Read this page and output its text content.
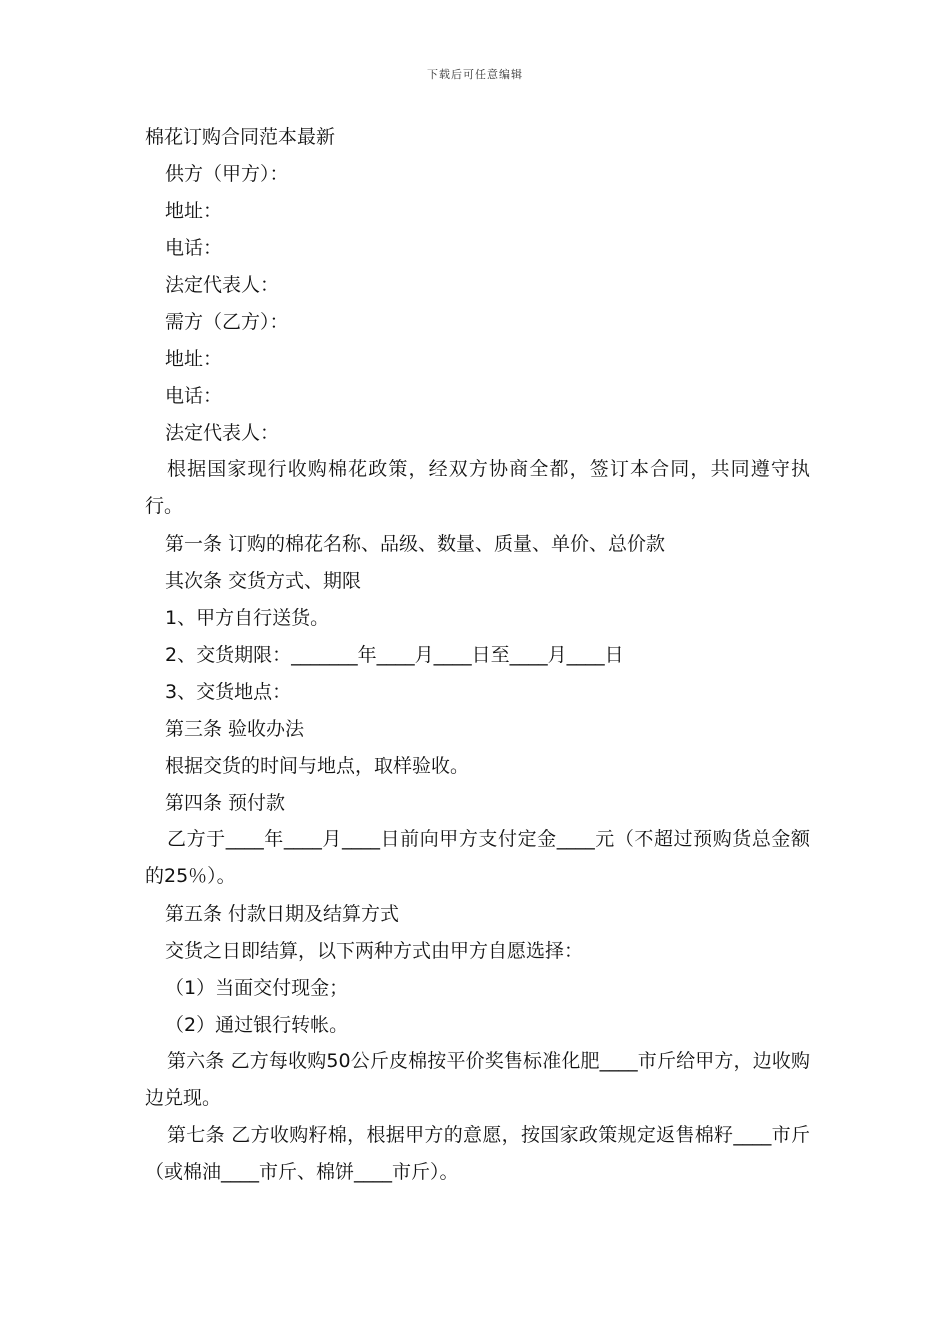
下载后可任意编辑
棉花订购合同范本最新
供方（甲方）：
地址：
电话：
法定代表人：
需方（乙方）：
地址：
电话：
法定代表人：
根据国家现行收购棉花政策，经双方协商全都，签订本合同，共同遵守执行。
第一条 订购的棉花名称、品级、数量、质量、单价、总价款
其次条 交货方式、期限
1、甲方自行送货。
2、交货期限：_______年____月____日至____月____日
3、交货地点：
第三条 验收办法
根据交货的时间与地点，取样验收。
第四条 预付款
乙方于____年____月____日前向甲方支付定金____元（不超过预购货总金额的25％）。
第五条 付款日期及结算方式
交货之日即结算，以下两种方式由甲方自愿选择：
（1）当面交付现金；
（2）通过银行转帐。
第六条 乙方每收购50公斤皮棉按平价奖售标准化肥____市斤给甲方，边收购边兑现。
第七条 乙方收购籽棉，根据甲方的意愿，按国家政策规定返售棉籽____市斤（或棉油____市斤、棉饼____市斤）。
